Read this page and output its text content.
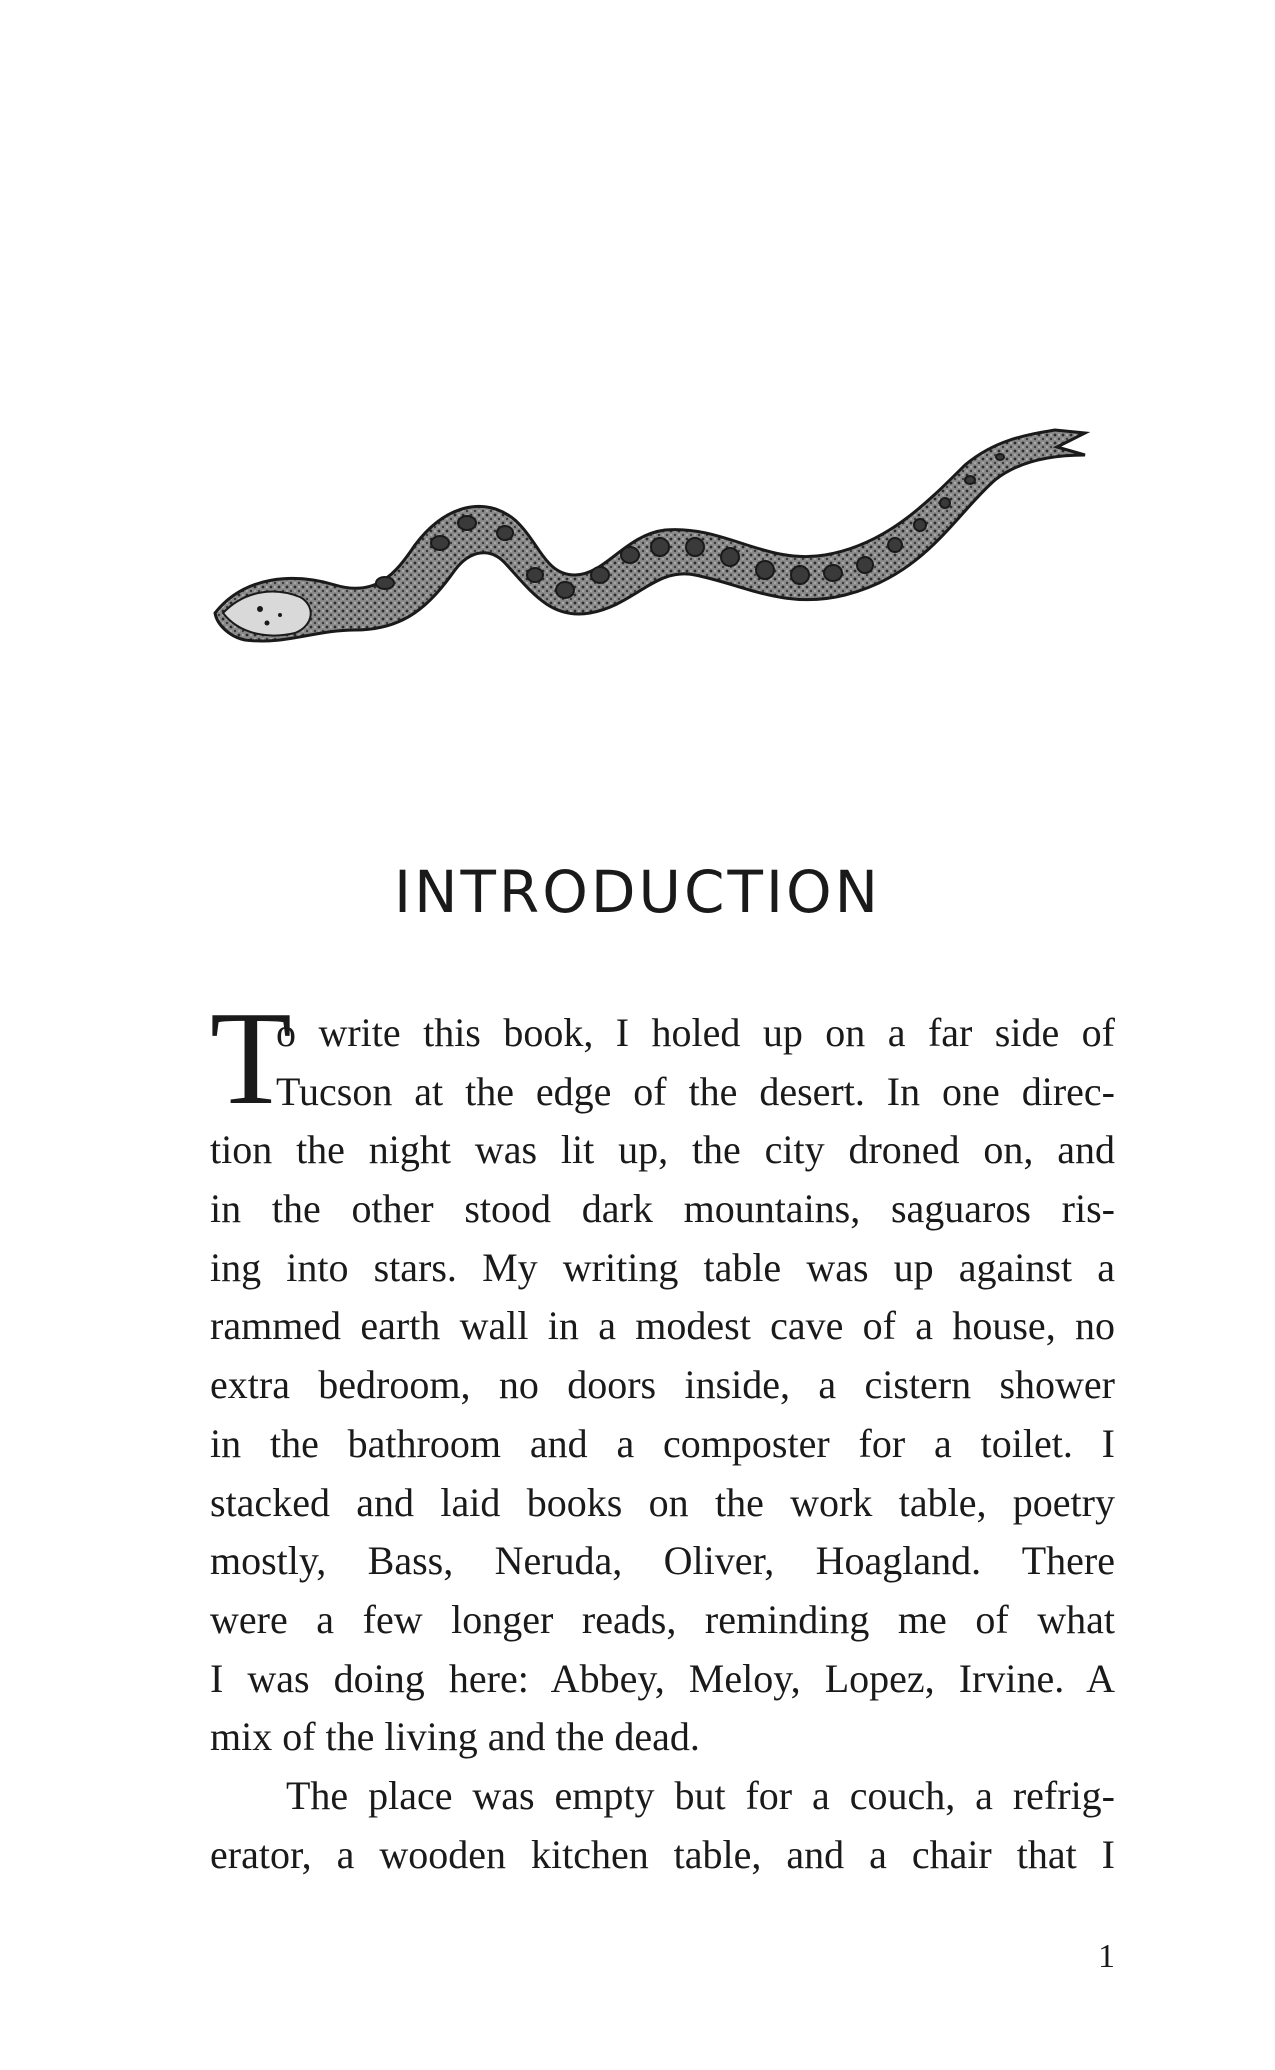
INTRODUCTION
T
o write this book, I holed up on a far side of
Tucson at the edge of the desert. In one direc-
tion the night was lit up, the city droned on, and
in the other stood dark mountains, saguaros ris-
ing into stars. My writing table was up against a
rammed earth wall in a modest cave of a house, no
extra bedroom, no doors inside, a cistern shower
in the bathroom and a composter for a toilet. I
stacked and laid books on the work table, poetry
mostly, Bass, Neruda, Oliver, Hoagland. There
were a few longer reads, reminding me of what
I was doing here: Abbey, Meloy, Lopez, Irvine. A
mix of the living and the dead.
The place was empty but for a couch, a refrig-
erator, a wooden kitchen table, and a chair that I

1
